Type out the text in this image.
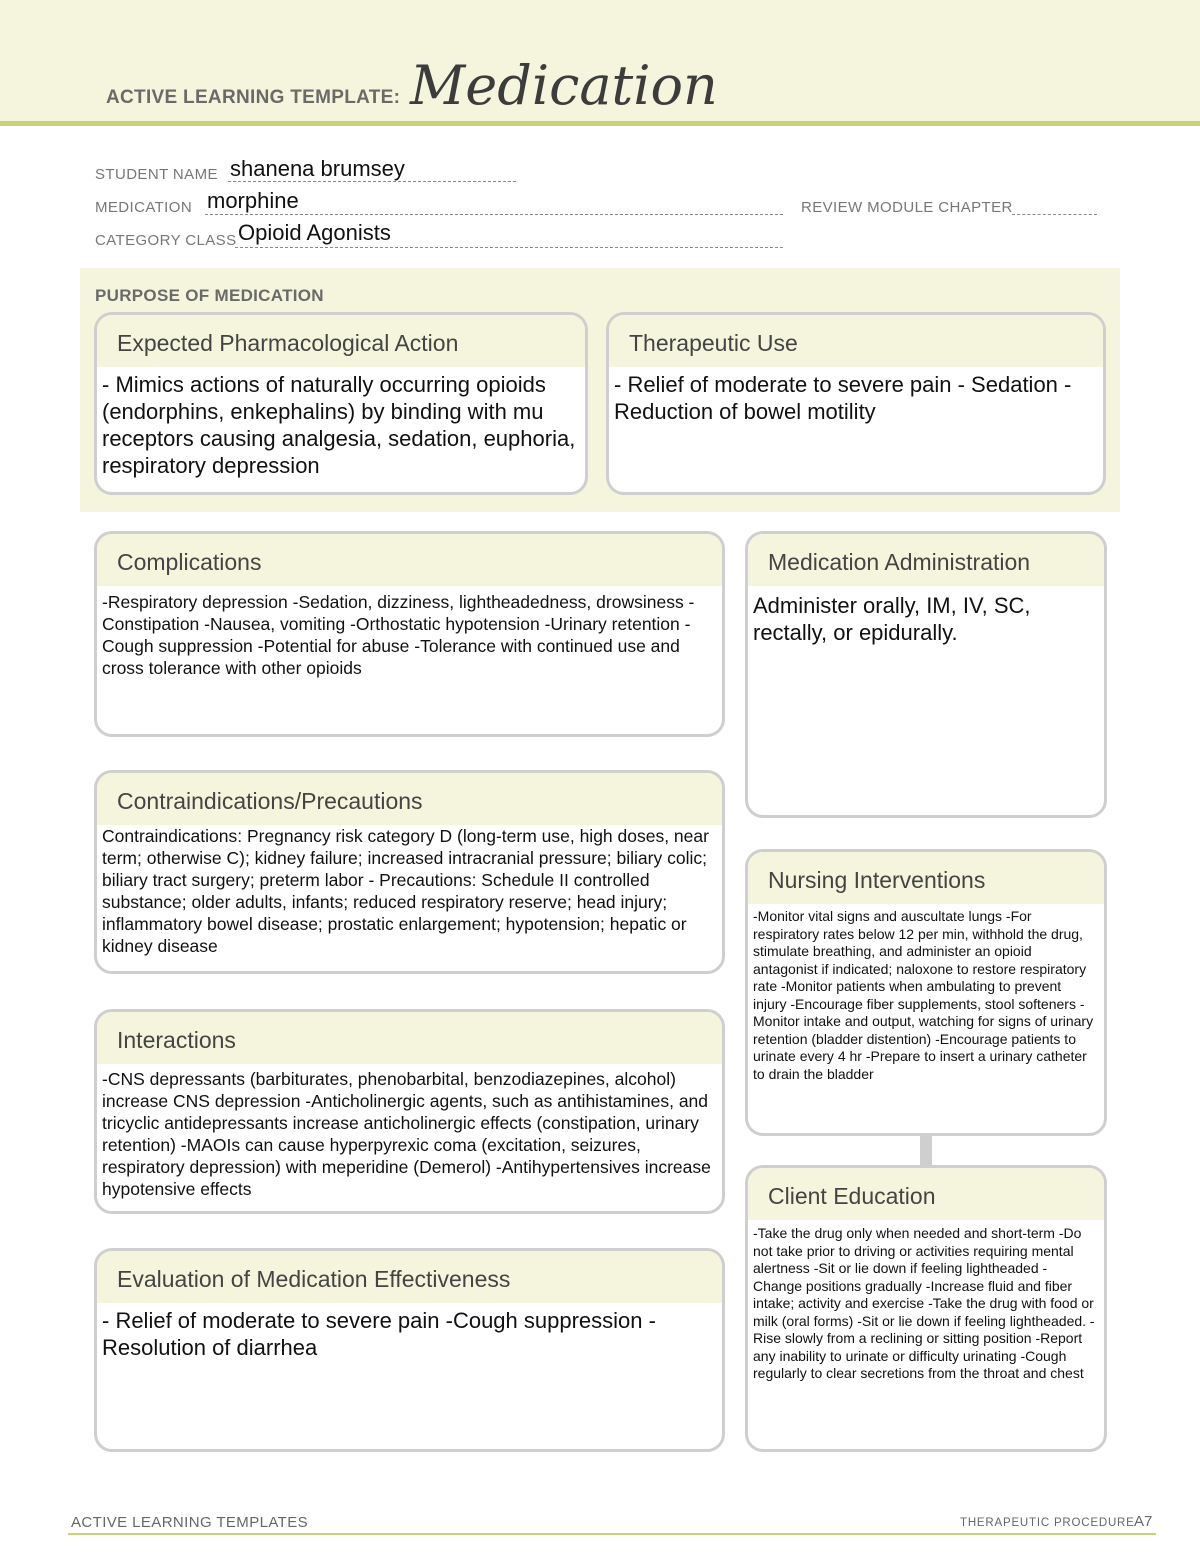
ACTIVE LEARNING TEMPLATE: Medication
STUDENT NAME shanena brumsey
MEDICATION morphine	REVIEW MODULE CHAPTER
CATEGORY CLASS Opioid Agonists
PURPOSE OF MEDICATION
Expected Pharmacological Action
- Mimics actions of naturally occurring opioids (endorphins, enkephalins) by binding with mu receptors causing analgesia, sedation, euphoria, respiratory depression
Therapeutic Use
- Relief of moderate to severe pain - Sedation -Reduction of bowel motility
Complications
-Respiratory depression -Sedation, dizziness, lightheadedness, drowsiness -Constipation -Nausea, vomiting -Orthostatic hypotension -Urinary retention -Cough suppression -Potential for abuse -Tolerance with continued use and cross tolerance with other opioids
Medication Administration
Administer orally, IM, IV, SC, rectally, or epidurally.
Contraindications/Precautions
Contraindications: Pregnancy risk category D (long-term use, high doses, near term; otherwise C); kidney failure; increased intracranial pressure; biliary colic; biliary tract surgery; preterm labor - Precautions: Schedule II controlled substance; older adults, infants; reduced respiratory reserve; head injury; inflammatory bowel disease; prostatic enlargement; hypotension; hepatic or kidney disease
Nursing Interventions
-Monitor vital signs and auscultate lungs -For respiratory rates below 12 per min, withhold the drug, stimulate breathing, and administer an opioid antagonist if indicated; naloxone to restore respiratory rate -Monitor patients when ambulating to prevent injury -Encourage fiber supplements, stool softeners -Monitor intake and output, watching for signs of urinary retention (bladder distention) -Encourage patients to urinate every 4 hr -Prepare to insert a urinary catheter to drain the bladder
Interactions
-CNS depressants (barbiturates, phenobarbital, benzodiazepines, alcohol) increase CNS depression -Anticholinergic agents, such as antihistamines, and tricyclic antidepressants increase anticholinergic effects (constipation, urinary retention) -MAOIs can cause hyperpyrexic coma (excitation, seizures, respiratory depression) with meperidine (Demerol) -Antihypertensives increase hypotensive effects	Client Education
-Take the drug only when needed and short-term -Do not take prior to driving or activities requiring mental alertness -Sit or lie down if feeling lightheaded -Change positions gradually -Increase fluid and fiber intake; activity and exercise -Take the drug with food or milk (oral forms) -Sit or lie down if feeling lightheaded. -Rise slowly from a reclining or sitting position -Report any inability to urinate or difficulty urinating -Cough regularly to clear secretions from the throat and chest
Evaluation of Medication Effectiveness
- Relief of moderate to severe pain -Cough suppression -Resolution of diarrhea
ACTIVE LEARNING TEMPLATES	THERAPEUTIC PROCEDURE A7
